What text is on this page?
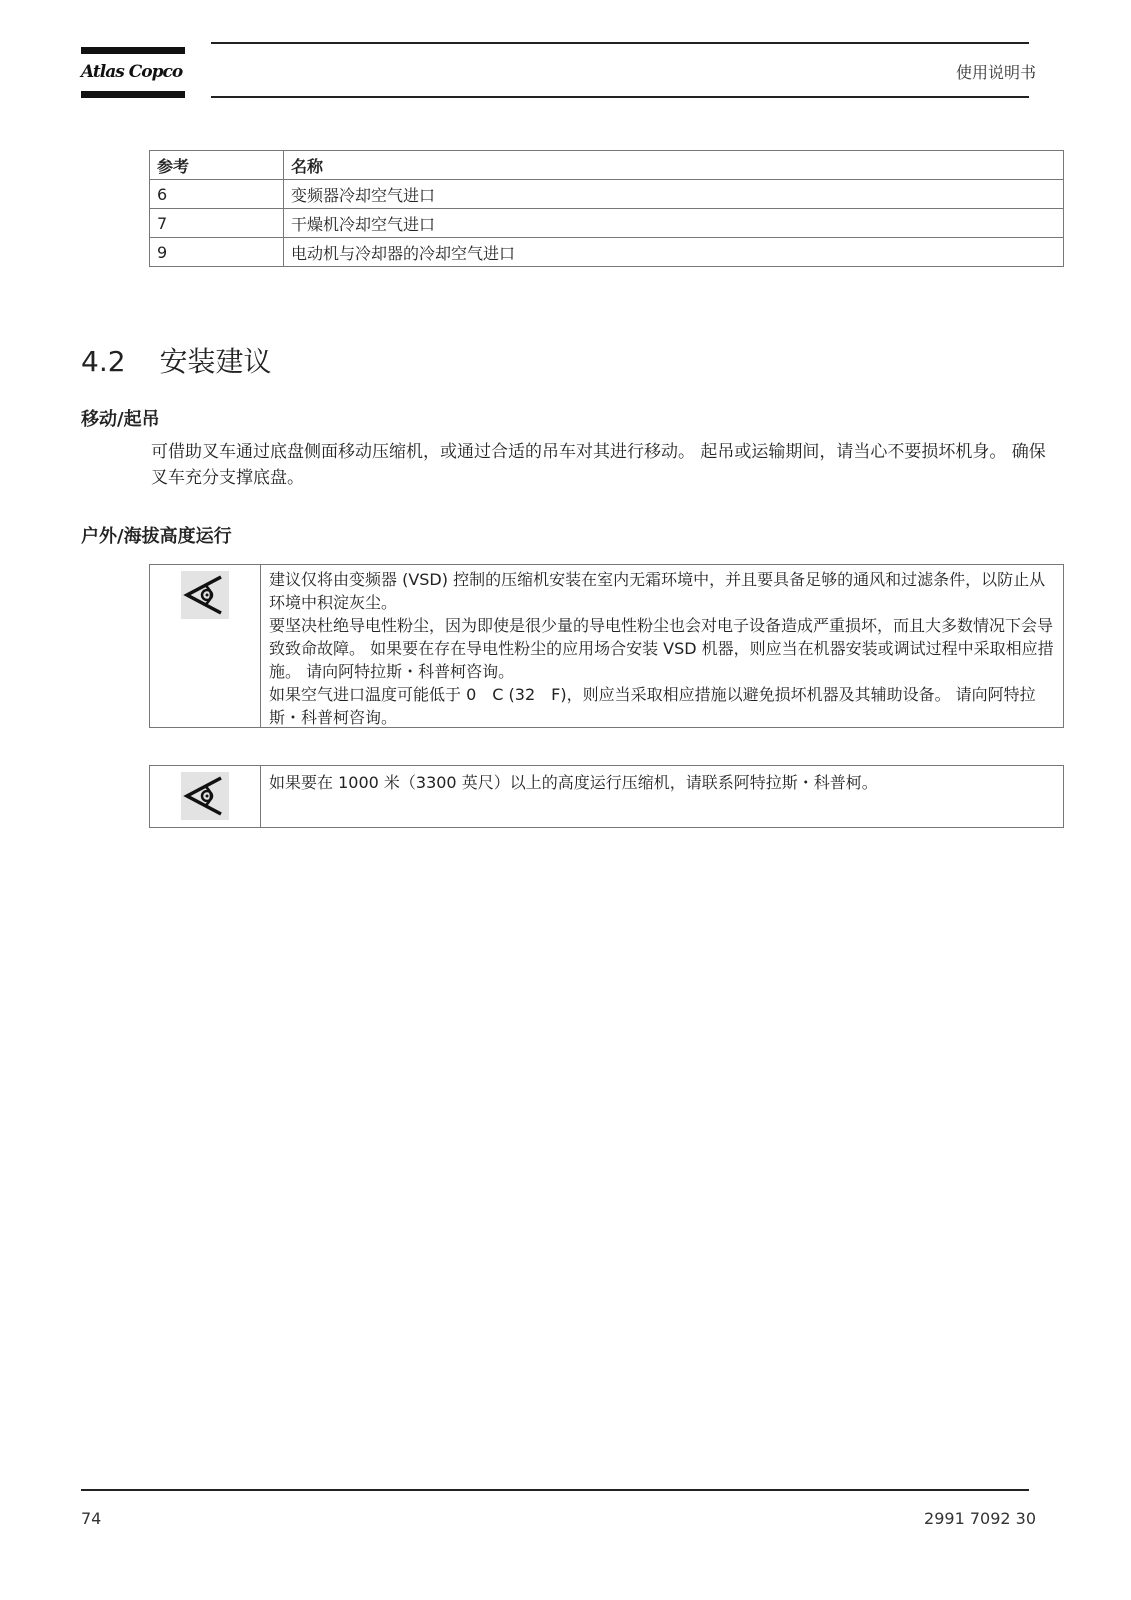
Atlas Copco	使用说明书
参考	名称
6	变频器冷却空气进口
7	干燥机冷却空气进口
9	电动机与冷却器的冷却空气进口
4.2 安装建议
移动/起吊
可借助叉车通过底盘侧面移动压缩机，或通过合适的吊车对其进行移动。 起吊或运输期间，请当心不要损坏机身。 确保叉车充分支撑底盘。
户外/海拔高度运行

建议仅将由变频器 (VSD) 控制的压缩机安装在室内无霜环境中，并且要具备足够的通风和过滤条件，以防止从环境中积淀灰尘。

要坚决杜绝导电性粉尘，因为即使是很少量的导电性粉尘也会对电子设备造成严重损坏，而且大多数情况下会导致致命故障。 如果要在存在导电性粉尘的应用场合安装 VSD 机器，则应当在机器安装或调试过程中采取相应措施。 请向阿特拉斯・科普柯咨询。

如果空气进口温度可能低于 0　C (32　F)，则应当采取相应措施以避免损坏机器及其辅助设备。 请向阿特拉斯・科普柯咨询。

如果要在 1000 米（3300 英尺）以上的高度运行压缩机，请联系阿特拉斯・科普柯。
74	2991 7092 30
